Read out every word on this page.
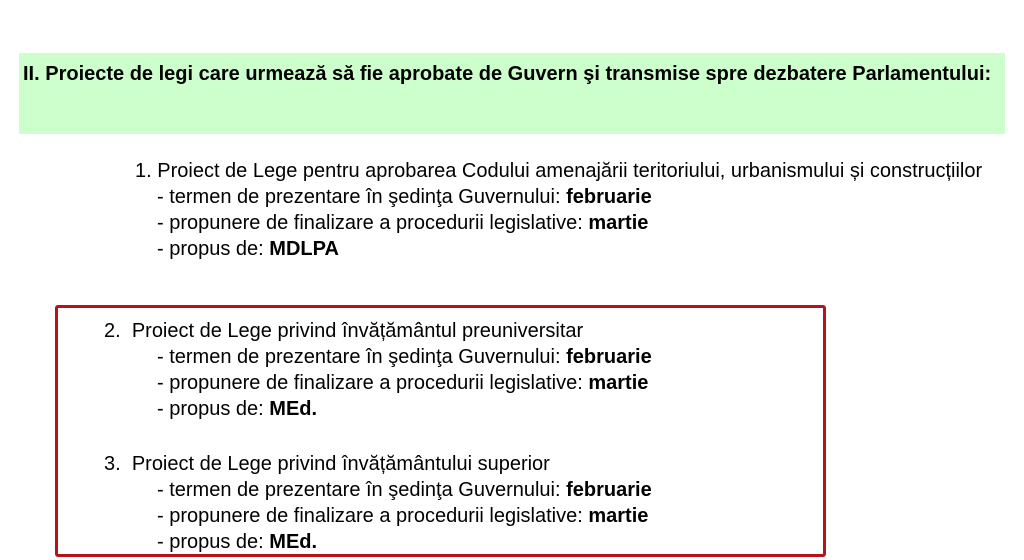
II. Proiecte de legi care urmează să fie aprobate de Guvern şi transmise spre dezbatere Parlamentului:
1. Proiect de Lege pentru aprobarea Codului amenajării teritoriului, urbanismului și construcțiilor
- termen de prezentare în şedinţa Guvernului: februarie
- propunere de finalizare a procedurii legislative: martie
- propus de: MDLPA
2. Proiect de Lege privind învățământul preuniversitar
- termen de prezentare în şedinţa Guvernului: februarie
- propunere de finalizare a procedurii legislative: martie
- propus de: MEd.
3. Proiect de Lege privind învățământului superior
- termen de prezentare în şedinţa Guvernului: februarie
- propunere de finalizare a procedurii legislative: martie
- propus de: MEd.
